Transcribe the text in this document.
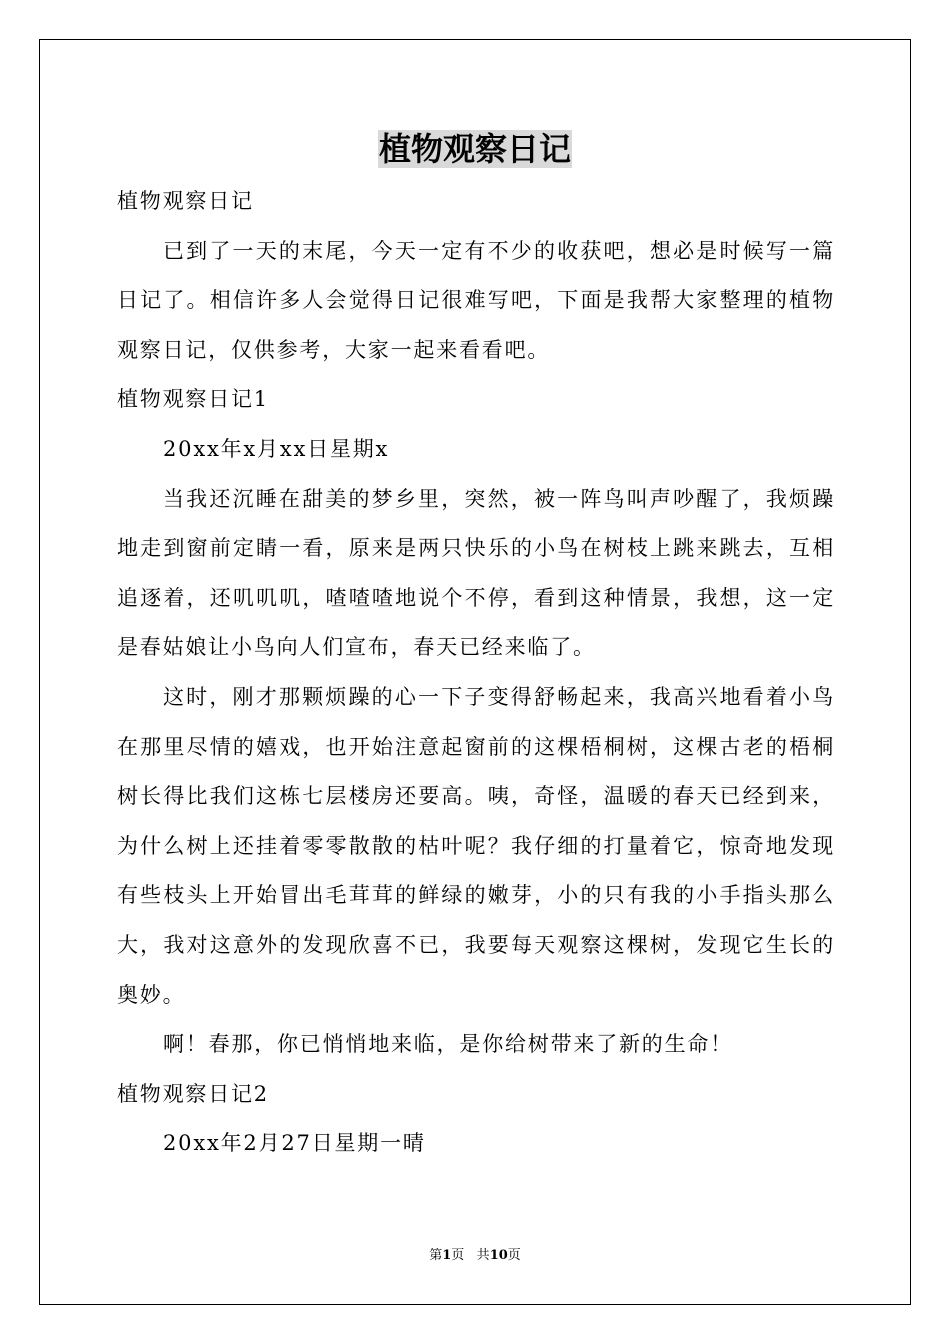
植物观察日记

植物观察日记

已到了一天的末尾，今天一定有不少的收获吧，想必是时候写一篇日记了。相信许多人会觉得日记很难写吧，下面是我帮大家整理的植物观察日记，仅供参考，大家一起来看看吧。

植物观察日记1

20xx年x月xx日星期x

当我还沉睡在甜美的梦乡里，突然，被一阵鸟叫声吵醒了，我烦躁地走到窗前定睛一看，原来是两只快乐的小鸟在树枝上跳来跳去，互相追逐着，还叽叽叽，喳喳喳地说个不停，看到这种情景，我想，这一定是春姑娘让小鸟向人们宣布，春天已经来临了。

这时，刚才那颗烦躁的心一下子变得舒畅起来，我高兴地看着小鸟在那里尽情的嬉戏，也开始注意起窗前的这棵梧桐树，这棵古老的梧桐树长得比我们这栋七层楼房还要高。咦，奇怪，温暖的春天已经到来，为什么树上还挂着零零散散的枯叶呢？我仔细的打量着它，惊奇地发现有些枝头上开始冒出毛茸茸的鲜绿的嫩芽，小的只有我的小手指头那么大，我对这意外的发现欣喜不已，我要每天观察这棵树，发现它生长的奥妙。

啊！春那，你已悄悄地来临，是你给树带来了新的生命！

植物观察日记2

20xx年2月27日星期一晴

第1页 共10页
